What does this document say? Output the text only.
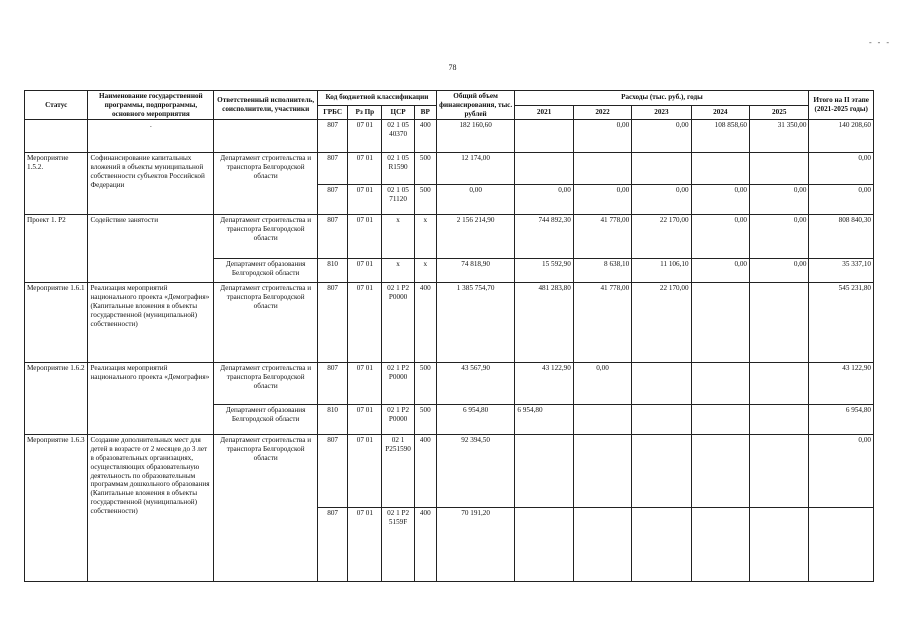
78
- - -
Статус	Наименование государственной программы, подпрограммы, основного мероприятия	Ответственный исполнитель, соисполнители, участники	Код бюджетной классификации				Общий объем финансирования, тыс. рублей	Расходы (тыс. руб.), годы					Итого на II этапе (2021-2025 годы)
			ГРБС	Рз Пр	ЦСР	ВР		2021	2022	2023	2024	2025	
	.		807	07 01	02 1 05 40370	400	182 160,60		0,00	0,00	108 858,60	31 350,00	140 208,60
Мероприятие 1.5.2.	Софинансирование капитальных вложений в объекты муниципальной собственности субъектов Российской Федерации	Департамент строительства и транспорта Белгородской области	807	07 01	02 1 05 R1590	500	12 174,00						0,00
			807	07 01	02 1 05 71120	500	0,00	0,00	0,00	0,00	0,00	0,00	0,00
Проект 1. Р2	Содействие занятости	Департамент строительства и транспорта Белгородской области	807	07 01	x	x	2 156 214,90	744 892,30	41 778,00	22 170,00	0,00	0,00	808 840,30
		Департамент образования Белгородской области	810	07 01	x	x	74 818,90	15 592,90	8 638,10	11 106,10	0,00	0,00	35 337,10
Мероприятие 1.6.1	Реализация мероприятий национального проекта «Демография» (Капитальные вложения в объекты государственной (муниципальной) собственности)	Департамент строительства и транспорта Белгородской области	807	07 01	02 1 Р2 Р0000	400	1 385 754,70	481 283,80	41 778,00	22 170,00			545 231,80
Мероприятие 1.6.2	Реализация мероприятий национального проекта «Демография»	Департамент строительства и транспорта Белгородской области	807	07 01	02 1 Р2 Р0000	500	43 567,90	43 122,90	0,00				43 122,90
		Департамент образования Белгородской области	810	07 01	02 1 Р2 Р0000	500	6 954,80	6 954,80					6 954,80
Мероприятие 1.6.3	Создание дополнительных мест для детей в возрасте от 2 месяцев до 3 лет в образовательных организациях, осуществляющих образовательную деятельность по образовательным программам дошкольного образования (Капитальные вложения в объекты государственной (муниципальной) собственности)	Департамент строительства и транспорта Белгородской области	807	07 01	02 1 Р251590	400	92 394,50						0,00
			807	07 01	02 1 Р2 5159F	400	70 191,20						
